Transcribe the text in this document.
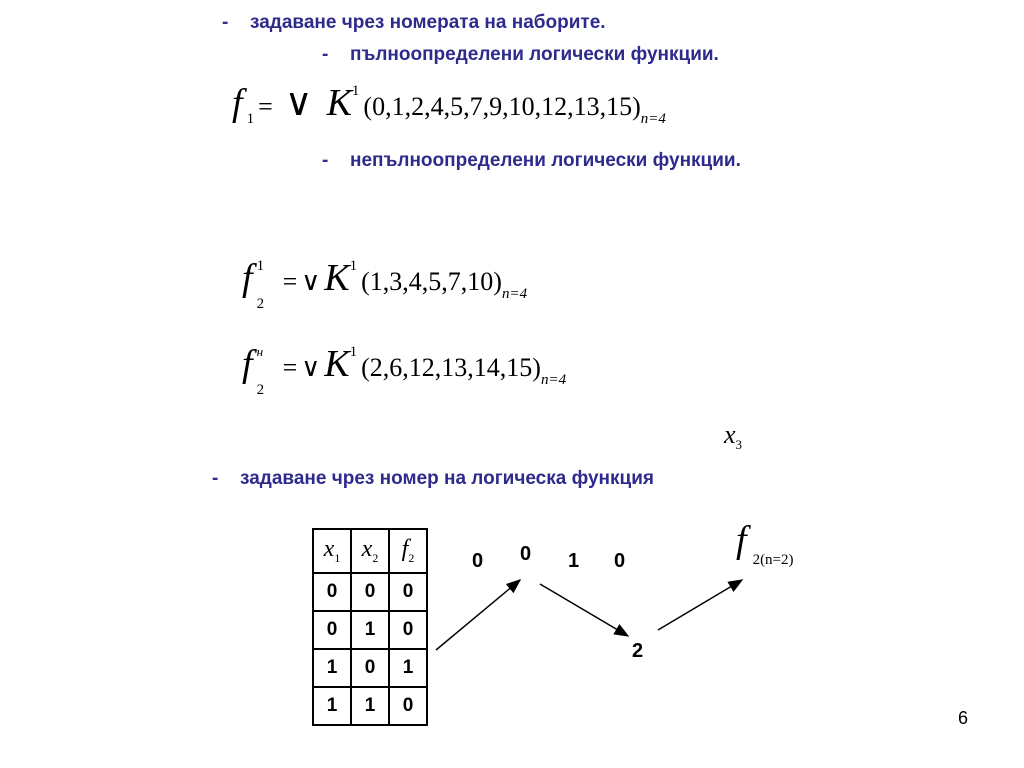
- задаване чрез номерата на наборите.
- пълноопределени логически функции.
- непълноопределени логически функции.
- задаване чрез номер на логическа функция
f 1 = ∨ K1 (0,1,2,4,5,7,9,10,12,13,15)n=4
f 1
2
= ∨ K1 (1,3,4,5,7,10)n=4
f н
2
= ∨ K1 (2,6,12,13,14,15)n=4
$x_3$
$x_1$	$x_2$	$f_2$
0	0	0
0	1	0
1	0	1
1	1	0
0 0 1 0
2
f 2(n=2)
6
